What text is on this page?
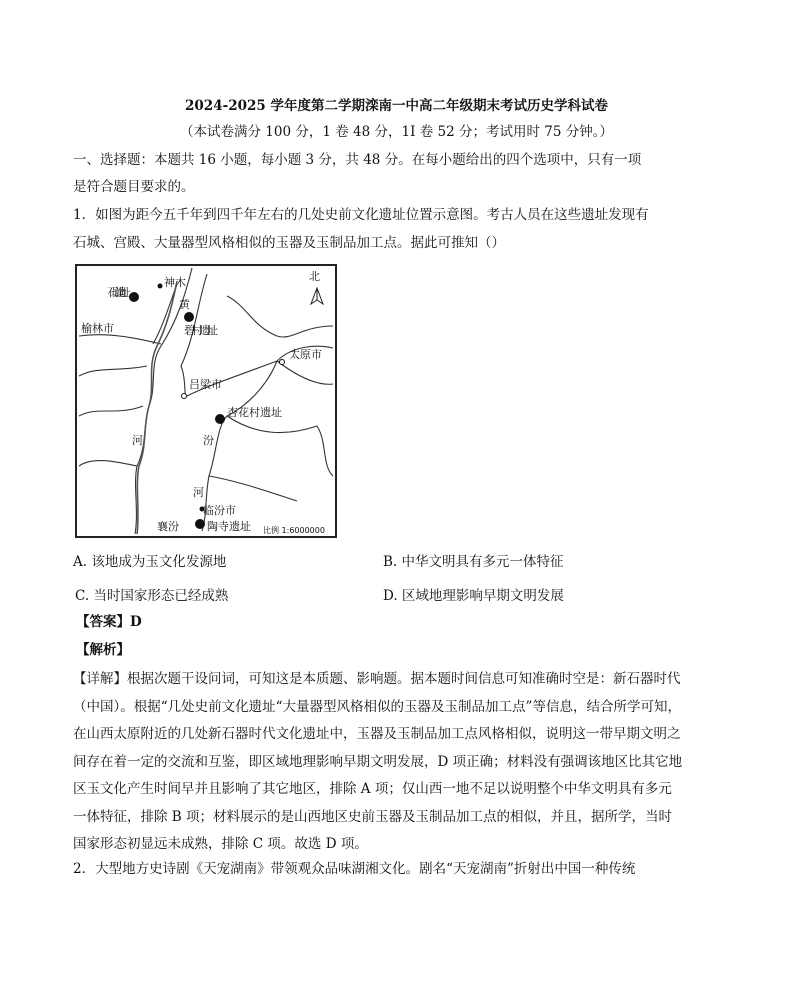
2024-2025 学年度第二学期滦南一中高二年级期末考试历史学科试卷
（本试卷满分 100 分，1 卷 48 分，1I 卷 52 分；考试用时 75 分钟。）
一、选择题：本题共 16 小题，每小题 3 分，共 48 分。在每小题给出的四个选项中，只有一项
是符合题目要求的。
1．如图为距今五千年到四千年左右的几处史前文化遗址位置示意图。考古人员在这些遗址发现有
石城、宫殿、大量器型风格相似的玉器及玉制品加工点。据此可推知（）
北
石峁遗址
神木
黄
榆林市	碧村遗址
太原市
吕梁市
杏花村遗址
河	汾
河
临汾市
襄汾	陶寺遗址 比例 1:6000000
A. 该地成为玉文化发源地	B. 中华文明具有多元一体特征
C. 当时国家形态已经成熟	D. 区域地理影响早期文明发展
【答案】D
【解析】
【详解】根据次题干设问词，可知这是本质题、影响题。据本题时间信息可知准确时空是：新石器时代（中国）。根据“几处史前文化遗址“大量器型风格相似的玉器及玉制品加工点”等信息，结合所学可知，在山西太原附近的几处新石器时代文化遗址中，玉器及玉制品加工点风格相似，说明这一带早期文明之间存在着一定的交流和互鉴，即区域地理影响早期文明发展，D 项正确；材料没有强调该地区比其它地区玉文化产生时间早并且影响了其它地区，排除 A 项；仅山西一地不足以说明整个中华文明具有多元一体特征，排除 B 项；材料展示的是山西地区史前玉器及玉制品加工点的相似，并且，据所学，当时国家形态初显远未成熟，排除 C 项。故选 D 项。
2．大型地方史诗剧《天宠湖南》带领观众品味湖湘文化。剧名“天宠湖南”折射出中国一种传统
